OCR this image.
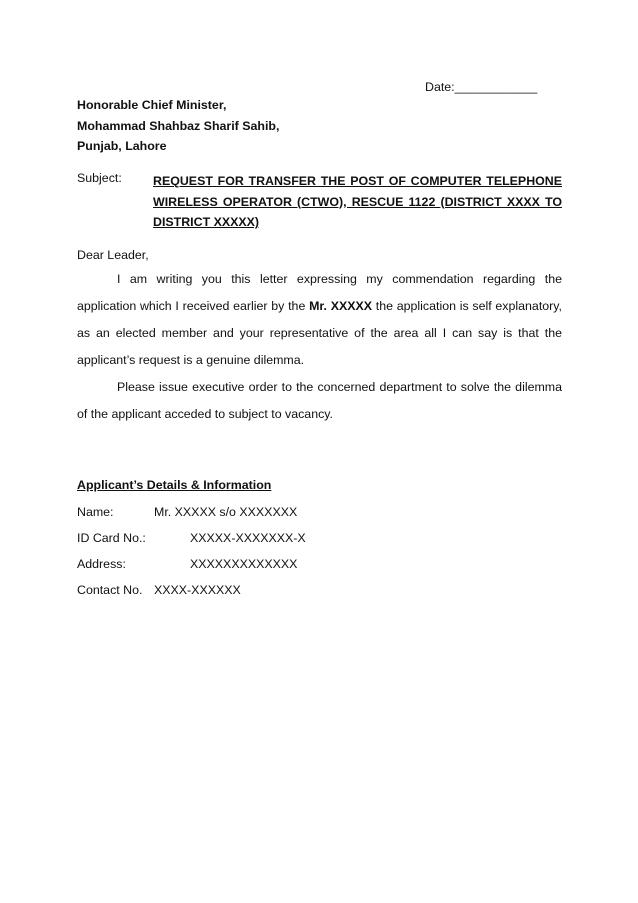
Date:____________
Honorable Chief Minister,
Mohammad Shahbaz Sharif Sahib,
Punjab, Lahore
Subject:	REQUEST FOR TRANSFER THE POST OF COMPUTER TELEPHONE WIRELESS OPERATOR (CTWO), RESCUE 1122 (DISTRICT XXXX TO DISTRICT XXXXX)
Dear Leader,

I am writing you this letter expressing my commendation regarding the application which I received earlier by the Mr. XXXXX the application is self explanatory, as an elected member and your representative of the area all I can say is that the applicant’s request is a genuine dilemma.

Please issue executive order to the concerned department to solve the dilemma of the applicant acceded to subject to vacancy.

Applicant’s Details & Information
Name:	Mr. XXXXX s/o XXXXXXX
ID Card No.:	XXXXX-XXXXXXX-X
Address:	XXXXXXXXXXXXX
Contact No. XXXX-XXXXXX
